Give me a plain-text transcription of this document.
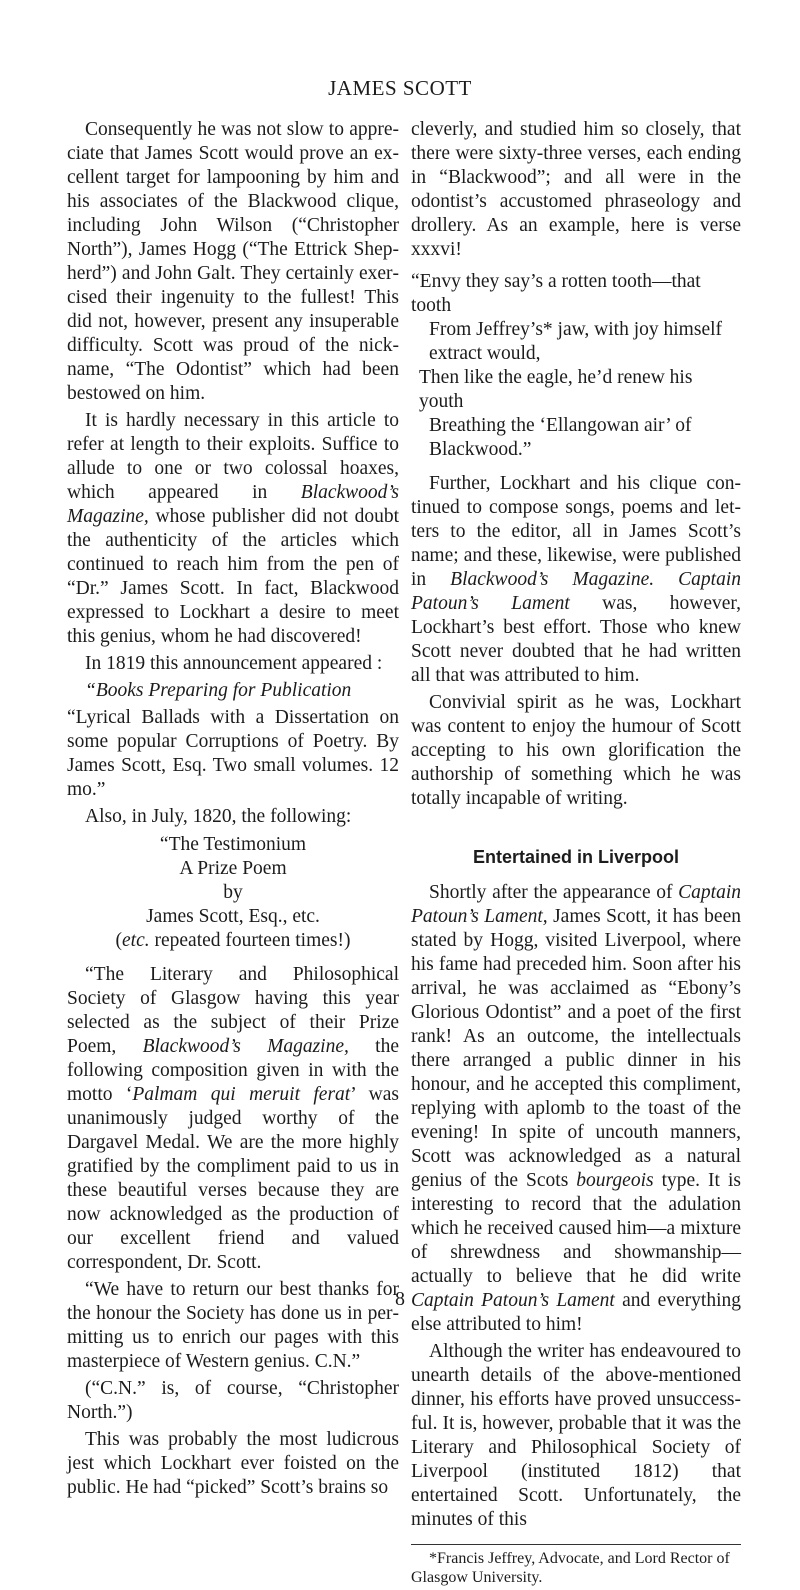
JAMES SCOTT

Consequently he was not slow to appreciate that James Scott would prove an excellent target for lampooning by him and his associates of the Blackwood clique, including John Wilson (“Christopher North”), James Hogg (“The Ettrick Shepherd”) and John Galt. They certainly exercised their ingenuity to the fullest! This did not, however, present any insuperable difficulty. Scott was proud of the nickname, “The Odontist” which had been bestowed on him.

It is hardly necessary in this article to refer at length to their exploits. Suffice to allude to one or two colossal hoaxes, which appeared in Blackwood’s Magazine, whose publisher did not doubt the authenticity of the articles which continued to reach him from the pen of “Dr.” James Scott. In fact, Blackwood expressed to Lockhart a desire to meet this genius, whom he had discovered!

In 1819 this announcement appeared :

“Books Preparing for Publication

“Lyrical Ballads with a Dissertation on some popular Corruptions of Poetry. By James Scott, Esq. Two small volumes. 12 mo.”

Also, in July, 1820, the following:

“The Testimonium

A Prize Poem

by

James Scott, Esq., etc.

(etc. repeated fourteen times!)

“The Literary and Philosophical Society of Glasgow having this year selected as the subject of their Prize Poem, Blackwood’s Magazine, the following composition given in with the motto ‘Palmam qui meruit ferat’ was unanimously judged worthy of the Dargavel Medal. We are the more highly gratified by the compliment paid to us in these beautiful verses because they are now acknowledged as the production of our excellent friend and valued correspondent, Dr. Scott.

“We have to return our best thanks for the honour the Society has done us in permitting us to enrich our pages with this masterpiece of Western genius. C.N.”

(“C.N.” is, of course, “Christopher North.”)

This was probably the most ludicrous jest which Lockhart ever foisted on the public. He had “picked” Scott’s brains so

cleverly, and studied him so closely, that there were sixty-three verses, each ending in “Blackwood”; and all were in the odontist’s accustomed phraseology and drollery. As an example, here is verse xxxvi!

“Envy they say’s a rotten tooth—that tooth
From Jeffrey’s* jaw, with joy himself
extract would,
Then like the eagle, he’d renew his youth
Breathing the ‘Ellangowan air’ of
Blackwood.”

Further, Lockhart and his clique continued to compose songs, poems and letters to the editor, all in James Scott’s name; and these, likewise, were published in Blackwood’s Magazine. Captain Patoun’s Lament was, however, Lockhart’s best effort. Those who knew Scott never doubted that he had written all that was attributed to him.

Convivial spirit as he was, Lockhart was content to enjoy the humour of Scott accepting to his own glorification the authorship of something which he was totally incapable of writing.

Entertained in Liverpool

Shortly after the appearance of Captain Patoun’s Lament, James Scott, it has been stated by Hogg, visited Liverpool, where his fame had preceded him. Soon after his arrival, he was acclaimed as “Ebony’s Glorious Odontist” and a poet of the first rank! As an outcome, the intellectuals there arranged a public dinner in his honour, and he accepted this compliment, replying with aplomb to the toast of the evening! In spite of uncouth manners, Scott was acknowledged as a natural genius of the Scots bourgeois type. It is interesting to record that the adulation which he received caused him—a mixture of shrewdness and showmanship—actually to believe that he did write Captain Patoun’s Lament and everything else attributed to him!

Although the writer has endeavoured to unearth details of the above-mentioned dinner, his efforts have proved unsuccessful. It is, however, probable that it was the Literary and Philosophical Society of Liverpool (instituted 1812) that entertained Scott. Unfortunately, the minutes of this

*Francis Jeffrey, Advocate, and Lord Rector of Glasgow University.

8
